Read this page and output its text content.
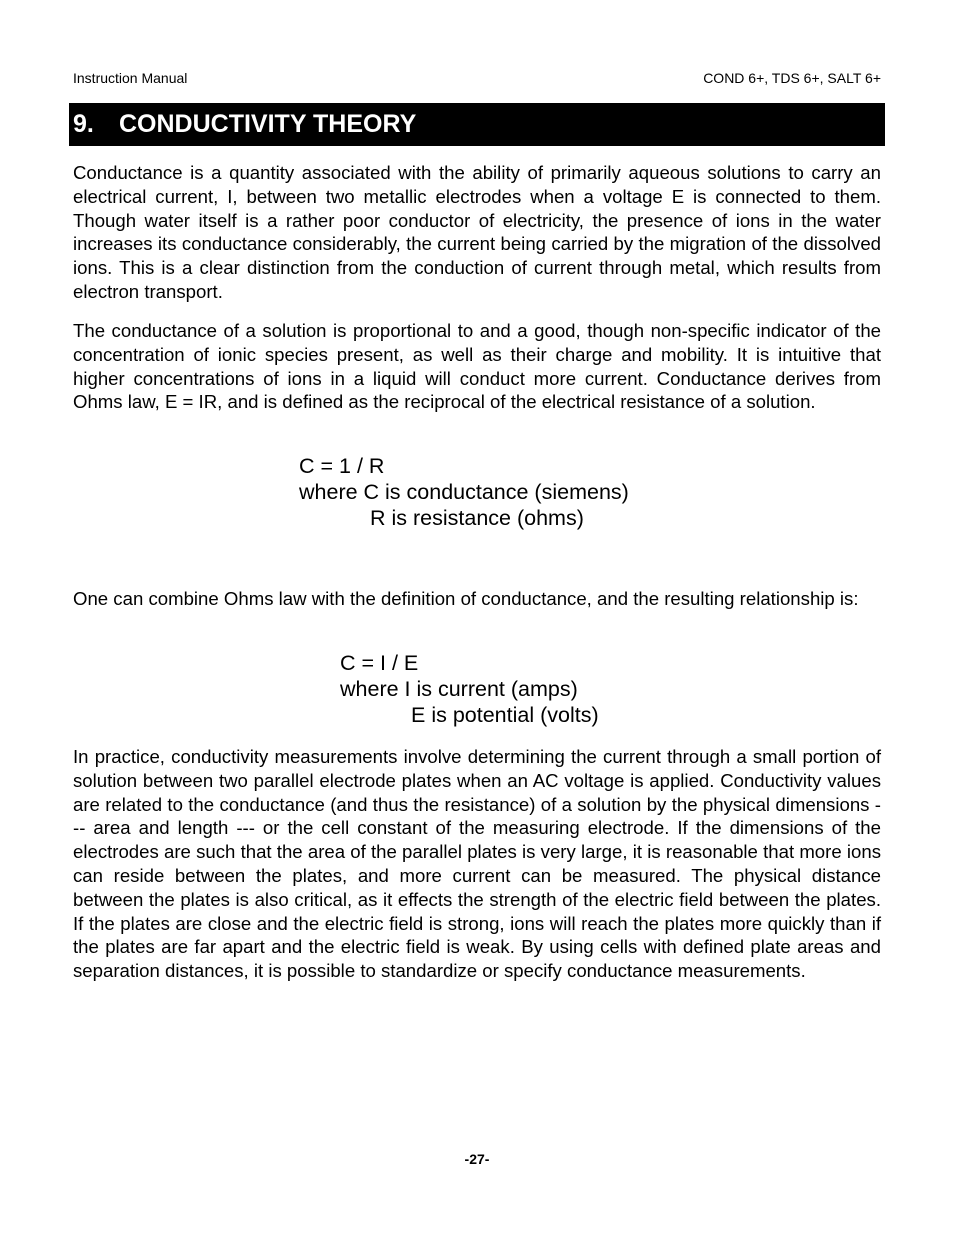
Instruction Manual	COND 6+, TDS 6+, SALT 6+
9. CONDUCTIVITY THEORY

Conductance is a quantity associated with the ability of primarily aqueous solutions to carry an electrical current, I, between two metallic electrodes when a voltage E is connected to them. Though water itself is a rather poor conductor of electricity, the presence of ions in the water increases its conductance considerably, the current being carried by the migration of the dissolved ions. This is a clear distinction from the conduction of current through metal, which results from electron transport.

The conductance of a solution is proportional to and a good, though non-specific indicator of the concentration of ionic species present, as well as their charge and mobility. It is intuitive that higher concentrations of ions in a liquid will conduct more current. Conductance derives from Ohms law, E = IR, and is defined as the reciprocal of the electrical resistance of a solution.

C = 1 / R
where C is conductance (siemens)
R is resistance (ohms)

One can combine Ohms law with the definition of conductance, and the resulting relationship is:

C = I / E
where I is current (amps)
E is potential (volts)

In practice, conductivity measurements involve determining the current through a small portion of solution between two parallel electrode plates when an AC voltage is applied. Conductivity values are related to the conductance (and thus the resistance) of a solution by the physical dimensions --- area and length --- or the cell constant of the measuring electrode. If the dimensions of the electrodes are such that the area of the parallel plates is very large, it is reasonable that more ions can reside between the plates, and more current can be measured. The physical distance between the plates is also critical, as it effects the strength of the electric field between the plates. If the plates are close and the electric field is strong, ions will reach the plates more quickly than if the plates are far apart and the electric field is weak. By using cells with defined plate areas and separation distances, it is possible to standardize or specify conductance measurements.

-27-
